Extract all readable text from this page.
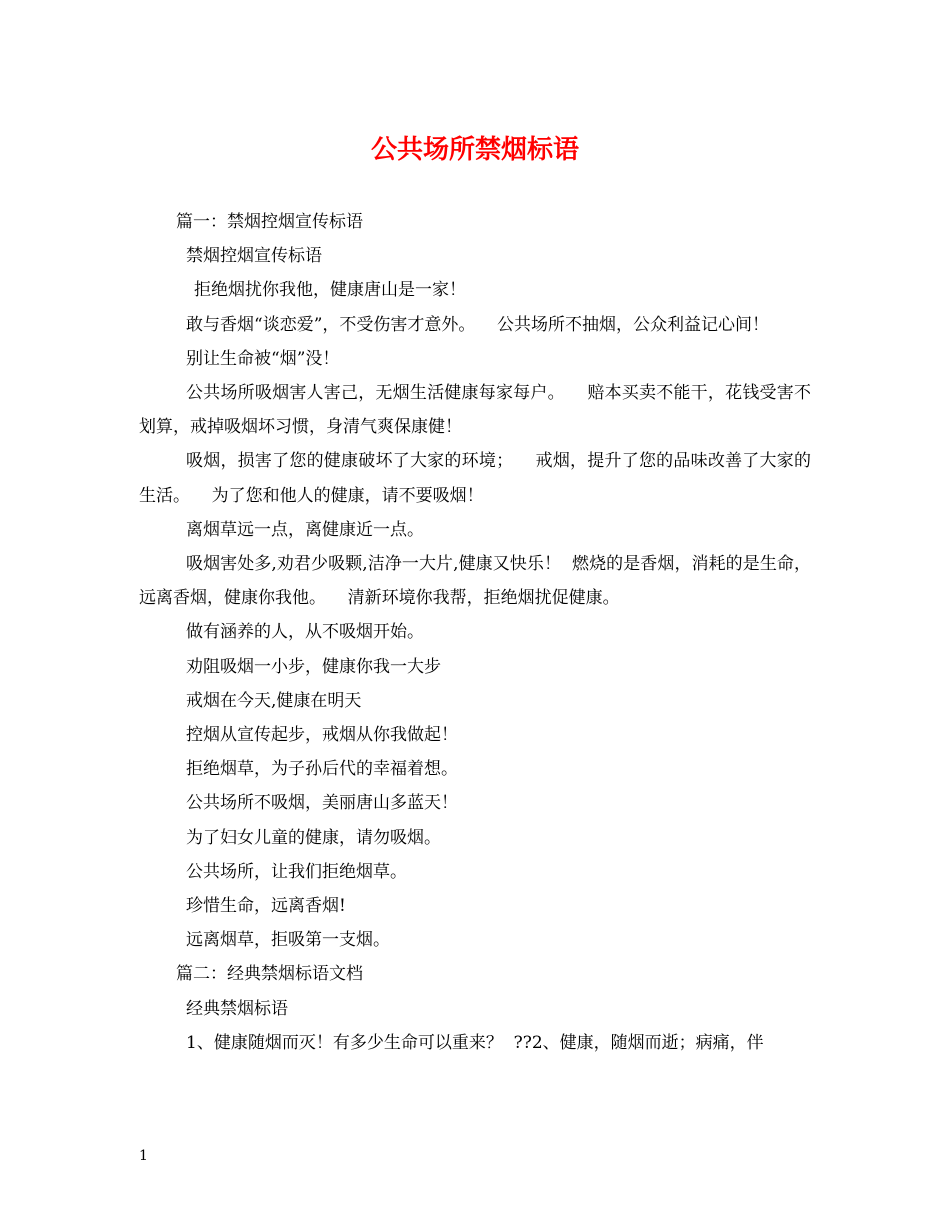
公共场所禁烟标语

篇一：禁烟控烟宣传标语

禁烟控烟宣传标语

拒绝烟扰你我他，健康唐山是一家！

敢与香烟“谈恋爱”，不受伤害才意外。    公共场所不抽烟，公众利益记心间！

别让生命被“烟”没！

公共场所吸烟害人害己，无烟生活健康每家每户。    赔本买卖不能干，花钱受害不划算，戒掉吸烟坏习惯，身清气爽保康健！

吸烟，损害了您的健康破坏了大家的环境；    戒烟，提升了您的品味改善了大家的生活。    为了您和他人的健康，请不要吸烟！

离烟草远一点，离健康近一点。

吸烟害处多,劝君少吸颗,洁净一大片,健康又快乐！  燃烧的是香烟，消耗的是生命，远离香烟，健康你我他。    清新环境你我帮，拒绝烟扰促健康。

做有涵养的人，从不吸烟开始。

劝阻吸烟一小步，健康你我一大步

戒烟在今天,健康在明天

控烟从宣传起步，戒烟从你我做起！

拒绝烟草，为子孙后代的幸福着想。

公共场所不吸烟，美丽唐山多蓝天！

为了妇女儿童的健康，请勿吸烟。

公共场所，让我们拒绝烟草。

珍惜生命，远离香烟!

远离烟草，拒吸第一支烟。

篇二：经典禁烟标语文档

经典禁烟标语

1、健康随烟而灭！有多少生命可以重来？  ??2、健康，随烟而逝；病痛，伴

1
